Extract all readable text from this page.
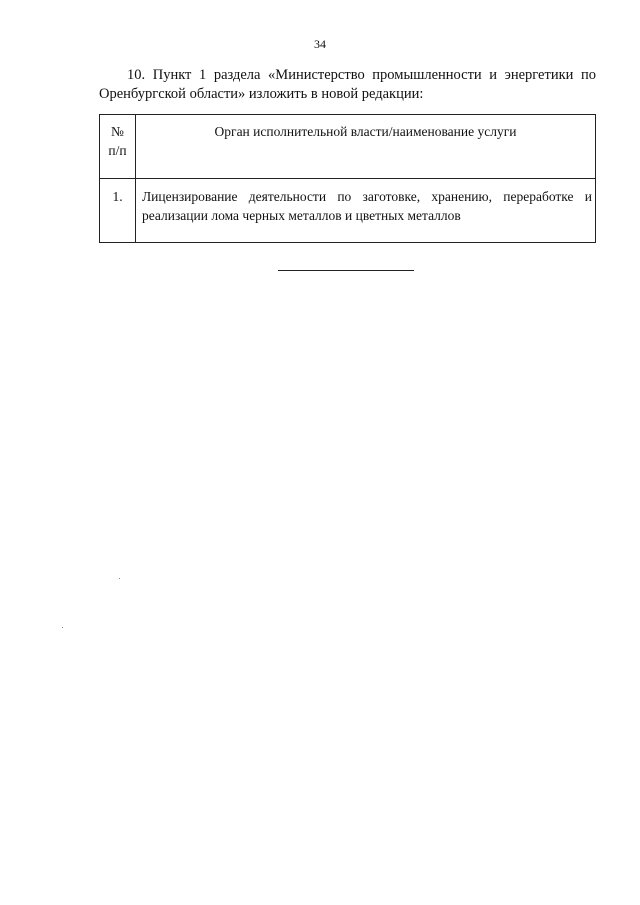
34
10. Пункт 1 раздела «Министерство промышленности и энергетики по
Оренбургской области» изложить в новой редакции:
№
п/п	Орган исполнительной власти/наименование услуги
1.	Лицензирование деятельности по заготовке, хранению, переработке и
реализации лома черных металлов и цветных металлов
